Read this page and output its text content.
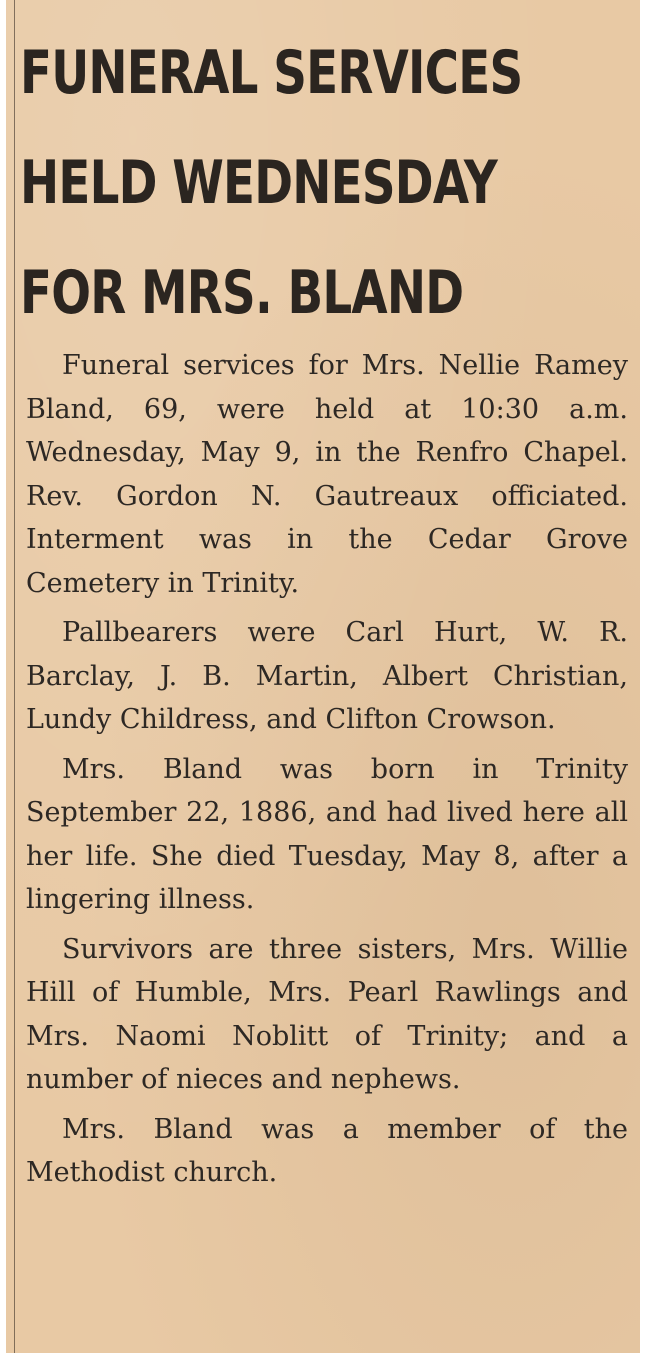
FUNERAL SERVICES
HELD WEDNESDAY
FOR MRS. BLAND

Funeral services for Mrs. Nellie Ramey Bland, 69, were held at 10:30 a.m. Wednesday, May 9, in the Renfro Chapel. Rev. Gordon N. Gautreaux officiated. Interment was in the Cedar Grove Cemetery in Trinity.

Pallbearers were Carl Hurt, W. R. Barclay, J. B. Martin, Albert Christian, Lundy Childress, and Clifton Crowson.

Mrs. Bland was born in Trinity September 22, 1886, and had lived here all her life. She died Tuesday, May 8, after a lingering illness.

Survivors are three sisters, Mrs. Willie Hill of Humble, Mrs. Pearl Rawlings and Mrs. Naomi Noblitt of Trinity; and a number of nieces and nephews.

Mrs. Bland was a member of the Methodist church.
